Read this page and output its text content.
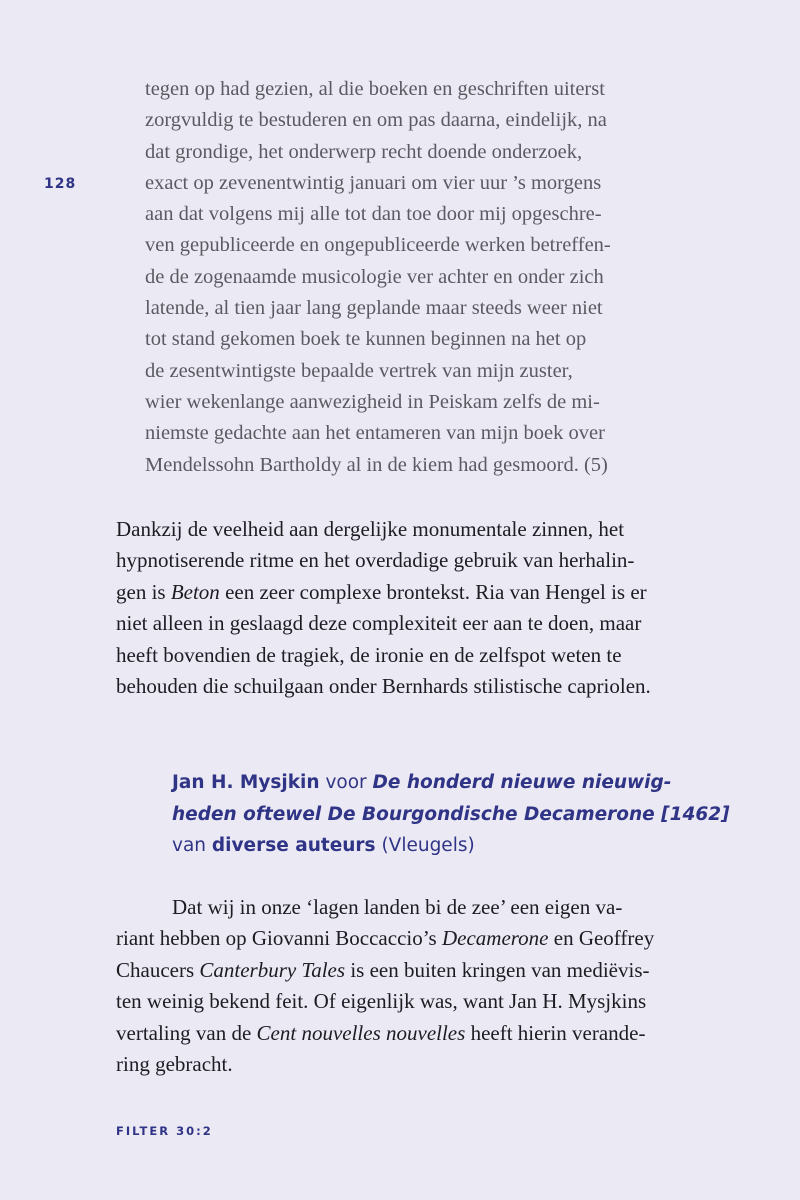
128
tegen op had gezien, al die boeken en geschriften uiterst
zorgvuldig te bestuderen en om pas daarna, eindelijk, na
dat grondige, het onderwerp recht doende onderzoek,
exact op zevenentwintig januari om vier uur ’s morgens
aan dat volgens mij alle tot dan toe door mij opgeschre-
ven gepubliceerde en ongepubliceerde werken betreffen-
de de zogenaamde musicologie ver achter en onder zich
latende, al tien jaar lang geplande maar steeds weer niet
tot stand gekomen boek te kunnen beginnen na het op
de zesentwintigste bepaalde vertrek van mijn zuster,
wier wekenlange aanwezigheid in Peiskam zelfs de mi-
niemste gedachte aan het entameren van mijn boek over
Mendelssohn Bartholdy al in de kiem had gesmoord. (5)
Dankzij de veelheid aan dergelijke monumentale zinnen, het
hypnotiserende ritme en het overdadige gebruik van herhalin-
gen is Beton een zeer complexe brontekst. Ria van Hengel is er
niet alleen in geslaagd deze complexiteit eer aan te doen, maar
heeft bovendien de tragiek, de ironie en de zelfspot weten te
behouden die schuilgaan onder Bernhards stilistische capriolen.
Jan H. Mysjkin voor De honderd nieuwe nieuwig-
heden oftewel De Bourgondische Decamerone [1462]
van diverse auteurs (Vleugels)
Dat wij in onze ‘lagen landen bi de zee’ een eigen va-
riant hebben op Giovanni Boccaccio’s Decamerone en Geoffrey
Chaucers Canterbury Tales is een buiten kringen van mediëvis-
ten weinig bekend feit. Of eigenlijk was, want Jan H. Mysjkins
vertaling van de Cent nouvelles nouvelles heeft hierin verande-
ring gebracht.
FILTER 30:2
